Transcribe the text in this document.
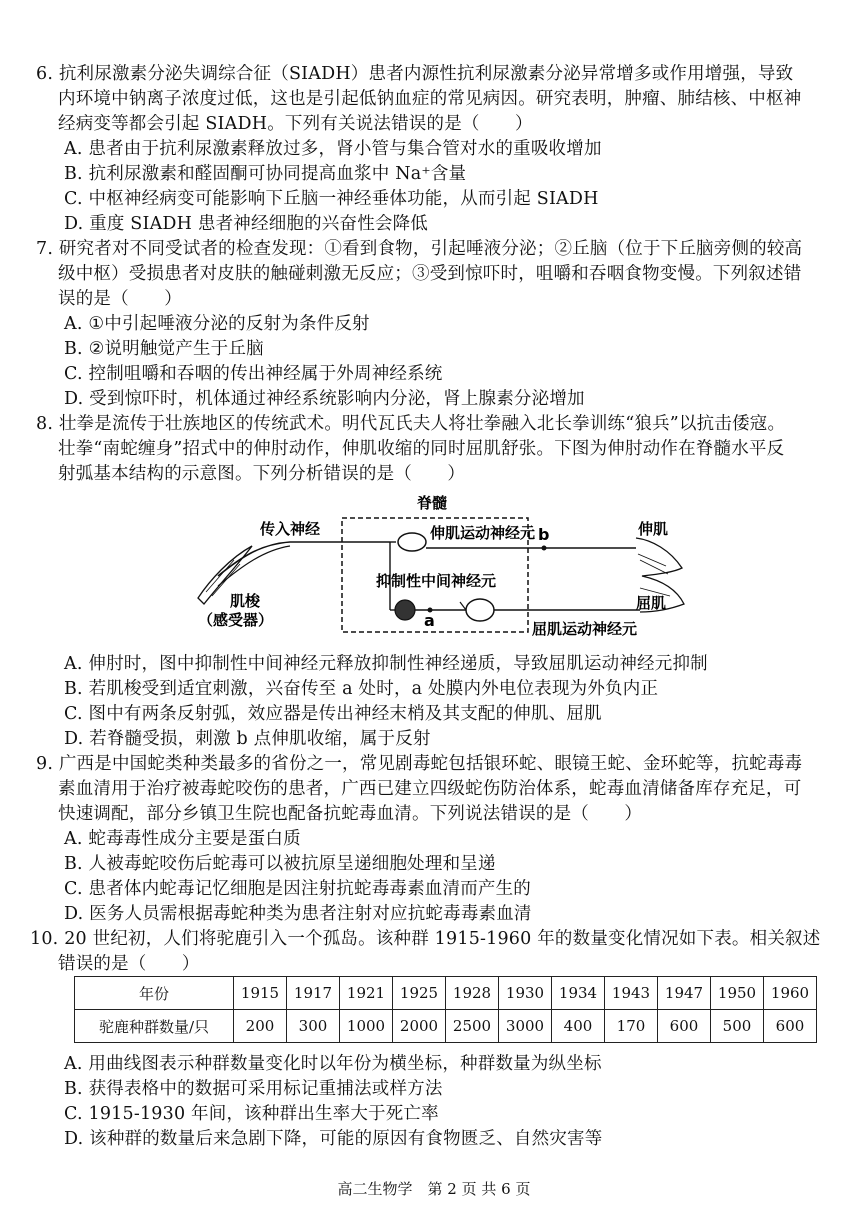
6. 抗利尿激素分泌失调综合征（SIADH）患者内源性抗利尿激素分泌异常增多或作用增强，导致
内环境中钠离子浓度过低，这也是引起低钠血症的常见病因。研究表明，肿瘤、肺结核、中枢神
经病变等都会引起 SIADH。下列有关说法错误的是（　　）
A. 患者由于抗利尿激素释放过多，肾小管与集合管对水的重吸收增加
B. 抗利尿激素和醛固酮可协同提高血浆中 Na⁺含量
C. 中枢神经病变可能影响下丘脑一神经垂体功能，从而引起 SIADH
D. 重度 SIADH 患者神经细胞的兴奋性会降低
7. 研究者对不同受试者的检查发现：①看到食物，引起唾液分泌；②丘脑（位于下丘脑旁侧的较高
级中枢）受损患者对皮肤的触碰刺激无反应；③受到惊吓时，咀嚼和吞咽食物变慢。下列叙述错
误的是（　　）
A. ①中引起唾液分泌的反射为条件反射
B. ②说明触觉产生于丘脑
C. 控制咀嚼和吞咽的传出神经属于外周神经系统
D. 受到惊吓时，机体通过神经系统影响内分泌，肾上腺素分泌增加
8. 壮拳是流传于壮族地区的传统武术。明代瓦氏夫人将壮拳融入北长拳训练“狼兵”以抗击倭寇。
壮拳“南蛇缠身”招式中的伸肘动作，伸肌收缩的同时屈肌舒张。下图为伸肘动作在脊髓水平反
射弧基本结构的示意图。下列分析错误的是（　　）
脊髓
传入神经
肌梭
（感受器）
伸肌运动神经元 b
抑制性中间神经元
a	屈肌运动神经元
伸肌
屈肌
A. 伸肘时，图中抑制性中间神经元释放抑制性神经递质，导致屈肌运动神经元抑制
B. 若肌梭受到适宜刺激，兴奋传至 a 处时，a 处膜内外电位表现为外负内正
C. 图中有两条反射弧，效应器是传出神经末梢及其支配的伸肌、屈肌
D. 若脊髓受损，刺激 b 点伸肌收缩，属于反射
9. 广西是中国蛇类种类最多的省份之一，常见剧毒蛇包括银环蛇、眼镜王蛇、金环蛇等，抗蛇毒毒
素血清用于治疗被毒蛇咬伤的患者，广西已建立四级蛇伤防治体系，蛇毒血清储备库存充足，可
快速调配，部分乡镇卫生院也配备抗蛇毒血清。下列说法错误的是（　　）
A. 蛇毒毒性成分主要是蛋白质
B. 人被毒蛇咬伤后蛇毒可以被抗原呈递细胞处理和呈递
C. 患者体内蛇毒记忆细胞是因注射抗蛇毒毒素血清而产生的
D. 医务人员需根据毒蛇种类为患者注射对应抗蛇毒毒素血清
10. 20 世纪初，人们将驼鹿引入一个孤岛。该种群 1915-1960 年的数量变化情况如下表。相关叙述
错误的是（　　）
年份	1915	1917	1921	1925	1928	1930	1934	1943	1947	1950	1960
驼鹿种群数量/只	200	300	1000	2000	2500	3000	400	170	600	500	600
A. 用曲线图表示种群数量变化时以年份为横坐标，种群数量为纵坐标
B. 获得表格中的数据可采用标记重捕法或样方法
C. 1915-1930 年间，该种群出生率大于死亡率
D. 该种群的数量后来急剧下降，可能的原因有食物匮乏、自然灾害等
高二生物学　第 2 页 共 6 页
